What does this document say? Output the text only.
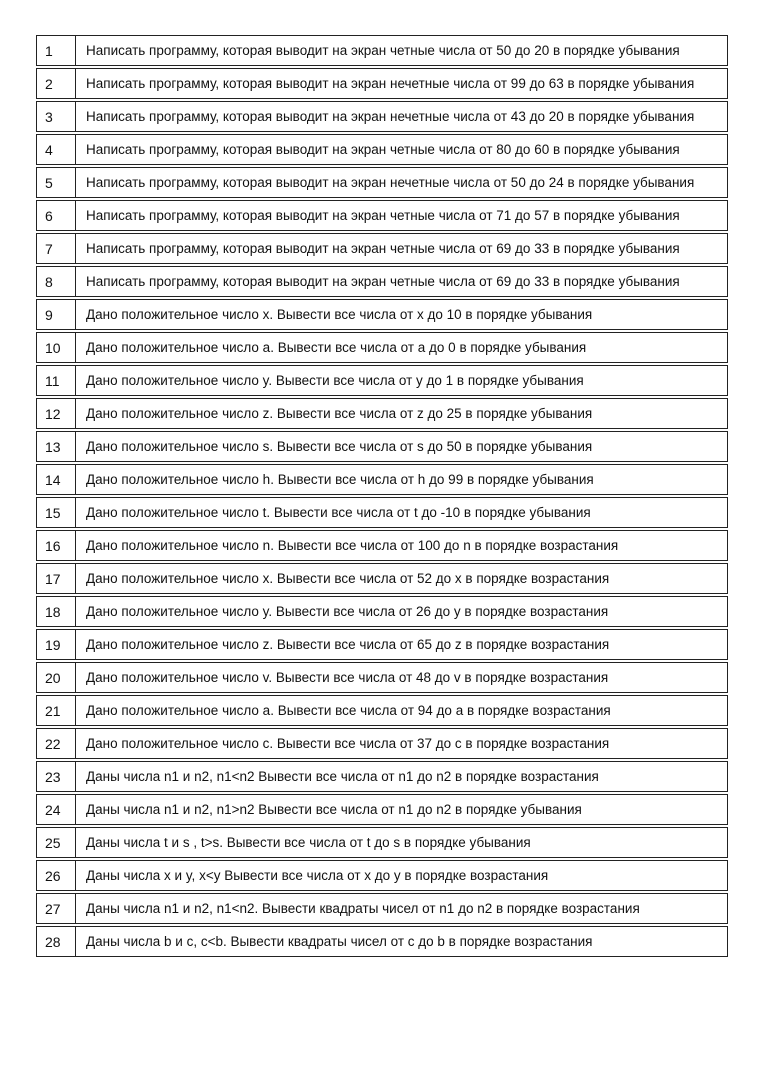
1	Написать программу, которая выводит на экран четные числа от 50 до 20 в порядке убывания
2	Написать программу, которая выводит на экран нечетные числа от 99 до 63 в порядке убывания
3	Написать программу, которая выводит на экран нечетные числа от 43 до 20 в порядке убывания
4	Написать программу, которая выводит на экран четные числа от 80 до 60 в порядке убывания
5	Написать программу, которая выводит на экран нечетные числа от 50 до 24 в порядке убывания
6	Написать программу, которая выводит на экран четные числа от 71 до 57 в порядке убывания
7	Написать программу, которая выводит на экран четные числа от 69 до 33 в порядке убывания
8	Написать программу, которая выводит на экран четные числа от 69 до 33 в порядке убывания
9	Дано положительное число x. Вывести все числа от x до 10 в порядке убывания
10	Дано положительное число a. Вывести все числа от a до 0 в порядке убывания
11	Дано положительное число y. Вывести все числа от y до 1 в порядке убывания
12	Дано положительное число z. Вывести все числа от z до 25 в порядке убывания
13	Дано положительное число s. Вывести все числа от s до 50 в порядке убывания
14	Дано положительное число h. Вывести все числа от h до 99 в порядке убывания
15	Дано положительное число t. Вывести все числа от t до -10 в порядке убывания
16	Дано положительное число n. Вывести все числа от 100 до n в порядке возрастания
17	Дано положительное число x. Вывести все числа от 52 до x в порядке возрастания
18	Дано положительное число y. Вывести все числа от 26 до y в порядке возрастания
19	Дано положительное число z. Вывести все числа от 65 до z в порядке возрастания
20	Дано положительное число v. Вывести все числа от 48 до v в порядке возрастания
21	Дано положительное число a. Вывести все числа от 94 до a в порядке возрастания
22	Дано положительное число c. Вывести все числа от 37 до c в порядке возрастания
23	Даны числа n1 и n2, n1<n2 Вывести все числа от n1 до n2 в порядке возрастания
24	Даны числа n1 и n2, n1>n2 Вывести все числа от n1 до n2 в порядке убывания
25	Даны числа t и s , t>s. Вывести все числа от t до s в порядке убывания
26	Даны числа x и y, x<y Вывести все числа от x до y в порядке возрастания
27	Даны числа n1 и n2, n1<n2. Вывести квадраты чисел от n1 до n2 в порядке возрастания
28	Даны числа b и c, c<b. Вывести квадраты чисел от c до b в порядке возрастания
